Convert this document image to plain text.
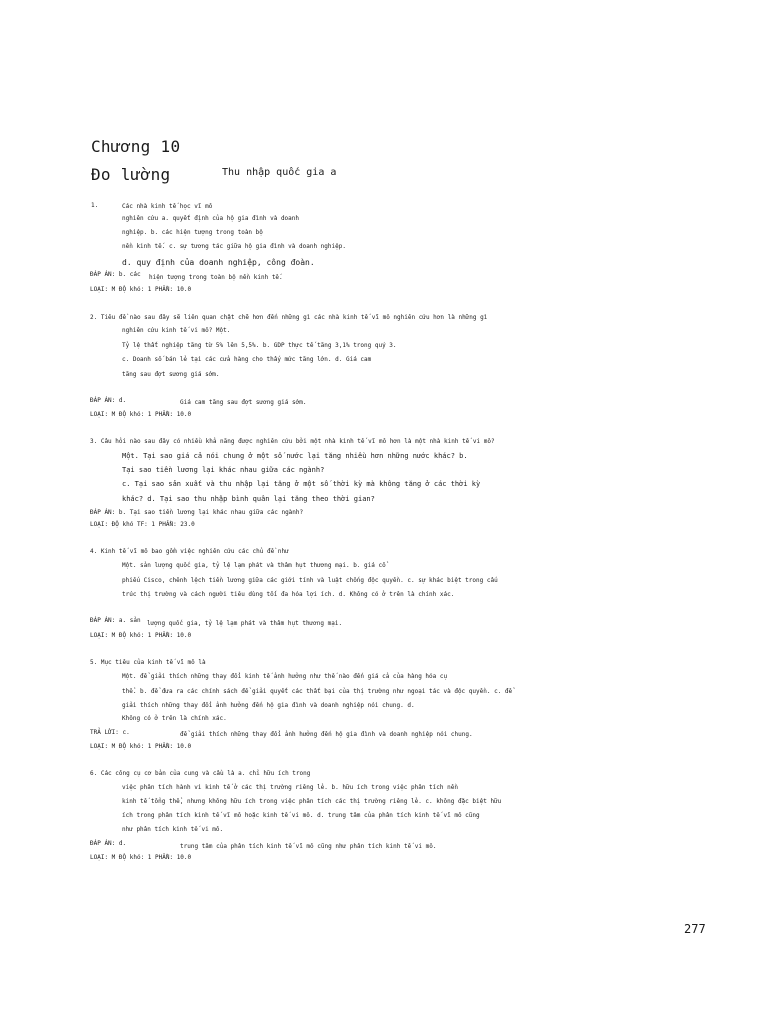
Chương 10
Đo lường	Thu nhập quốc gia a
1.	Các nhà kinh tế học vĩ mô
nghiên cứu a. quyết định của hộ gia đình và doanh
nghiệp. b. các hiện tượng trong toàn bộ
nền kinh tế. c. sự tương tác giữa hộ gia đình và doanh nghiệp.
d. quy định của doanh nghiệp, công đoàn.
ĐÁP ÁN: b. các hiện tượng trong toàn bộ nền kinh tế.
LOẠI: M ĐỘ khó: 1 PHẦN: 10.0
2. Tiêu đề nào sau đây sẽ liên quan chặt chẽ hơn đến những gì các nhà kinh tế vĩ mô nghiên cứu hơn là những gì
nghiên cứu kinh tế vi mô? Một.
Tỷ lệ thất nghiệp tăng từ 5% lên 5,5%. b. GDP thực tế tăng 3,1% trong quý 3.
c. Doanh số bán lẻ tại các cửa hàng cho thấy mức tăng lớn. d. Giá cam
tăng sau đợt sương giá sớm.
ĐÁP ÁN: d.	Giá cam tăng sau đợt sương giá sớm.
LOẠI: M ĐỘ khó: 1 PHẦN: 10.0
3. Câu hỏi nào sau đây có nhiều khả năng được nghiên cứu bởi một nhà kinh tế vĩ mô hơn là một nhà kinh tế vi mô?
Một. Tại sao giá cả nói chung ở một số nước lại tăng nhiều hơn những nước khác? b.
Tại sao tiền lương lại khác nhau giữa các ngành?
c. Tại sao sản xuất và thu nhập lại tăng ở một số thời kỳ mà không tăng ở các thời kỳ
khác? d. Tại sao thu nhập bình quân lại tăng theo thời gian?
ĐÁP ÁN: b. Tại sao tiền lương lại khác nhau giữa các ngành?
LOẠI: ĐỘ khó TF: 1 PHẦN: 23.0
4. Kinh tế vĩ mô bao gồm việc nghiên cứu các chủ đề như
Một. sản lượng quốc gia, tỷ lệ lạm phát và thâm hụt thương mại. b. giá cổ
phiếu Cisco, chênh lệch tiền lương giữa các giới tính và luật chống độc quyền. c. sự khác biệt trong cấu
trúc thị trường và cách người tiêu dùng tối đa hóa lợi ích. d. Không có ở trên là chính xác.
ĐÁP ÁN: a. sản lượng quốc gia, tỷ lệ lạm phát và thâm hụt thương mại.
LOẠI: M ĐỘ khó: 1 PHẦN: 10.0
5. Mục tiêu của kinh tế vĩ mô là
Một. để giải thích những thay đổi kinh tế ảnh hưởng như thế nào đến giá cả của hàng hóa cụ
thể. b. để đưa ra các chính sách để giải quyết các thất bại của thị trường như ngoại tác và độc quyền. c. để
giải thích những thay đổi ảnh hưởng đến hộ gia đình và doanh nghiệp nói chung. d.
Không có ở trên là chính xác.
TRẢ LỜI: c.	để giải thích những thay đổi ảnh hưởng đến hộ gia đình và doanh nghiệp nói chung.
LOẠI: M ĐỘ khó: 1 PHẦN: 10.0
6. Các công cụ cơ bản của cung và cầu là a. chỉ hữu ích trong
việc phân tích hành vi kinh tế ở các thị trường riêng lẻ. b. hữu ích trong việc phân tích nền
kinh tế tổng thể, nhưng không hữu ích trong việc phân tích các thị trường riêng lẻ. c. không đặc biệt hữu
ích trong phân tích kinh tế vĩ mô hoặc kinh tế vi mô. d. trung tâm của phân tích kinh tế vĩ mô cũng
như phân tích kinh tế vi mô.
ĐÁP ÁN: d.	trung tâm của phân tích kinh tế vĩ mô cũng như phân tích kinh tế vi mô.
LOẠI: M ĐỘ khó: 1 PHẦN: 10.0
277
